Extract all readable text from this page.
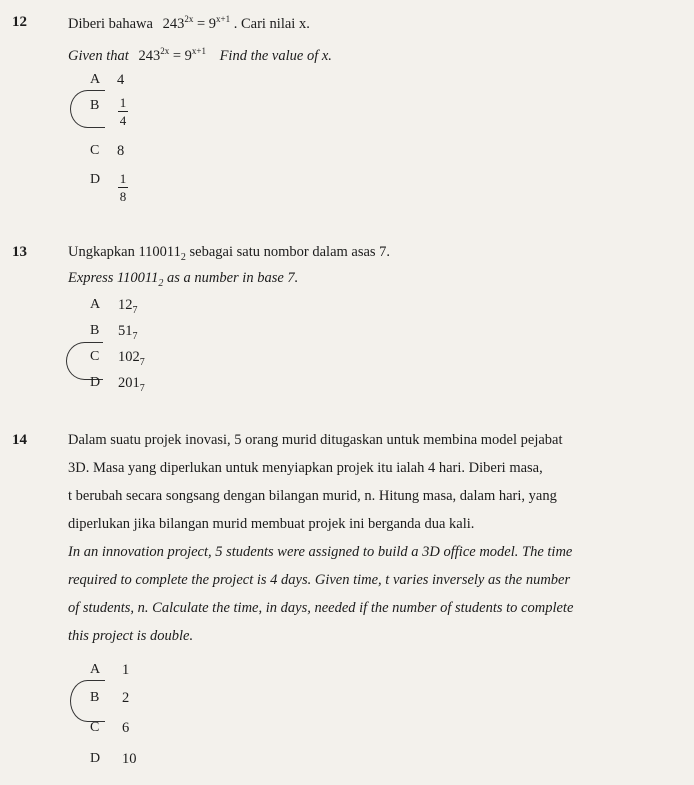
12	Diberi bahawa $243^{2x} = 9^{x+1}$ . Cari nilai x.
Given that $243^{2x} = 9^{x+1}$ Find the value of x.
A 4
B $\frac{1}{4}$
C 8
D $\frac{1}{8}$
13	Ungkapkan $110011_2$ sebagai satu nombor dalam asas 7.
Express $110011_2$ as a number in base 7.
A $12_7$
B $51_7$
C $102_7$
D $201_7$
14	Dalam suatu projek inovasi, 5 orang murid ditugaskan untuk membina model pejabat
3D. Masa yang diperlukan untuk menyiapkan projek itu ialah 4 hari. Diberi masa,
t berubah secara songsang dengan bilangan murid, n. Hitung masa, dalam hari, yang
diperlukan jika bilangan murid membuat projek ini berganda dua kali.
In an innovation project, 5 students were assigned to build a 3D office model. The time
required to complete the project is 4 days. Given time, t varies inversely as the number
of students, n. Calculate the time, in days, needed if the number of students to complete
this project is double.
A 1
B 2
C 6
D 10
